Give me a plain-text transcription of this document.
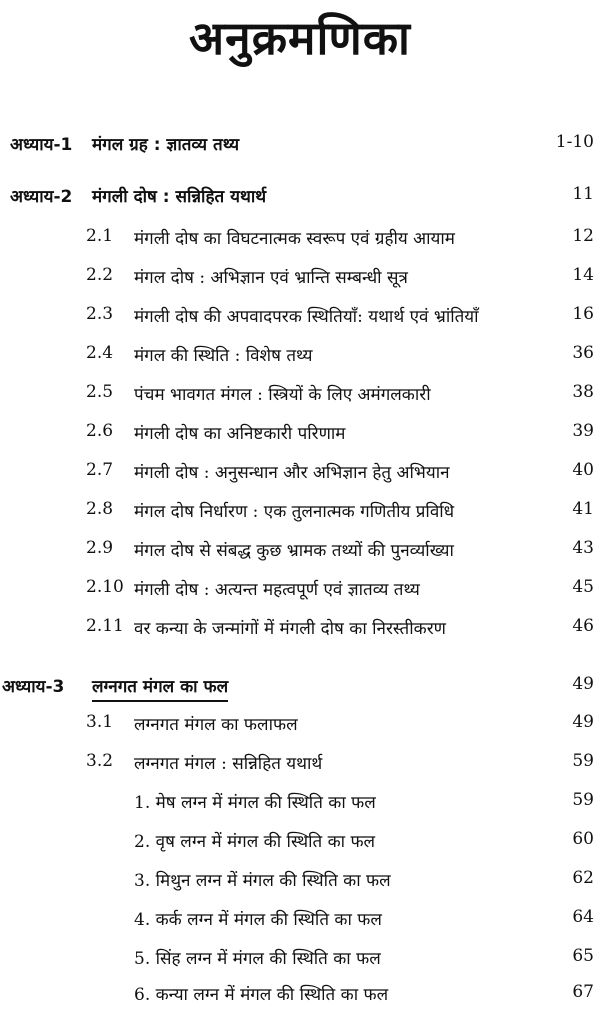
अनुक्रमणिका
अध्याय-1 मंगल ग्रह : ज्ञातव्य तथ्य	1-10
अध्याय-2 मंगली दोष : सन्निहित यथार्थ	11
2.1 मंगली दोष का विघटनात्मक स्वरूप एवं ग्रहीय आयाम	12
2.2 मंगल दोष : अभिज्ञान एवं भ्रान्ति सम्बन्धी सूत्र	14
2.3 मंगली दोष की अपवादपरक स्थितियाँ: यथार्थ एवं भ्रांतियाँ	16
2.4 मंगल की स्थिति : विशेष तथ्य	36
2.5 पंचम भावगत मंगल : स्त्रियों के लिए अमंगलकारी	38
2.6 मंगली दोष का अनिष्टकारी परिणाम	39
2.7 मंगली दोष : अनुसन्धान और अभिज्ञान हेतु अभियान	40
2.8 मंगल दोष निर्धारण : एक तुलनात्मक गणितीय प्रविधि	41
2.9 मंगल दोष से संबद्ध कुछ भ्रामक तथ्यों की पुनर्व्याख्या	43
2.10 मंगली दोष : अत्यन्त महत्वपूर्ण एवं ज्ञातव्य तथ्य	45
2.11 वर कन्या के जन्मांगों में मंगली दोष का निरस्तीकरण	46
अध्याय-3 लग्नगत मंगल का फल	49
3.1 लग्नगत मंगल का फलाफल	49
3.2 लग्नगत मंगल : सन्निहित यथार्थ	59
1. मेष लग्न में मंगल की स्थिति का फल	59
2. वृष लग्न में मंगल की स्थिति का फल	60
3. मिथुन लग्न में मंगल की स्थिति का फल	62
4. कर्क लग्न में मंगल की स्थिति का फल	64
5. सिंह लग्न में मंगल की स्थिति का फल	65
6. कन्या लग्न में मंगल की स्थिति का फल	67
